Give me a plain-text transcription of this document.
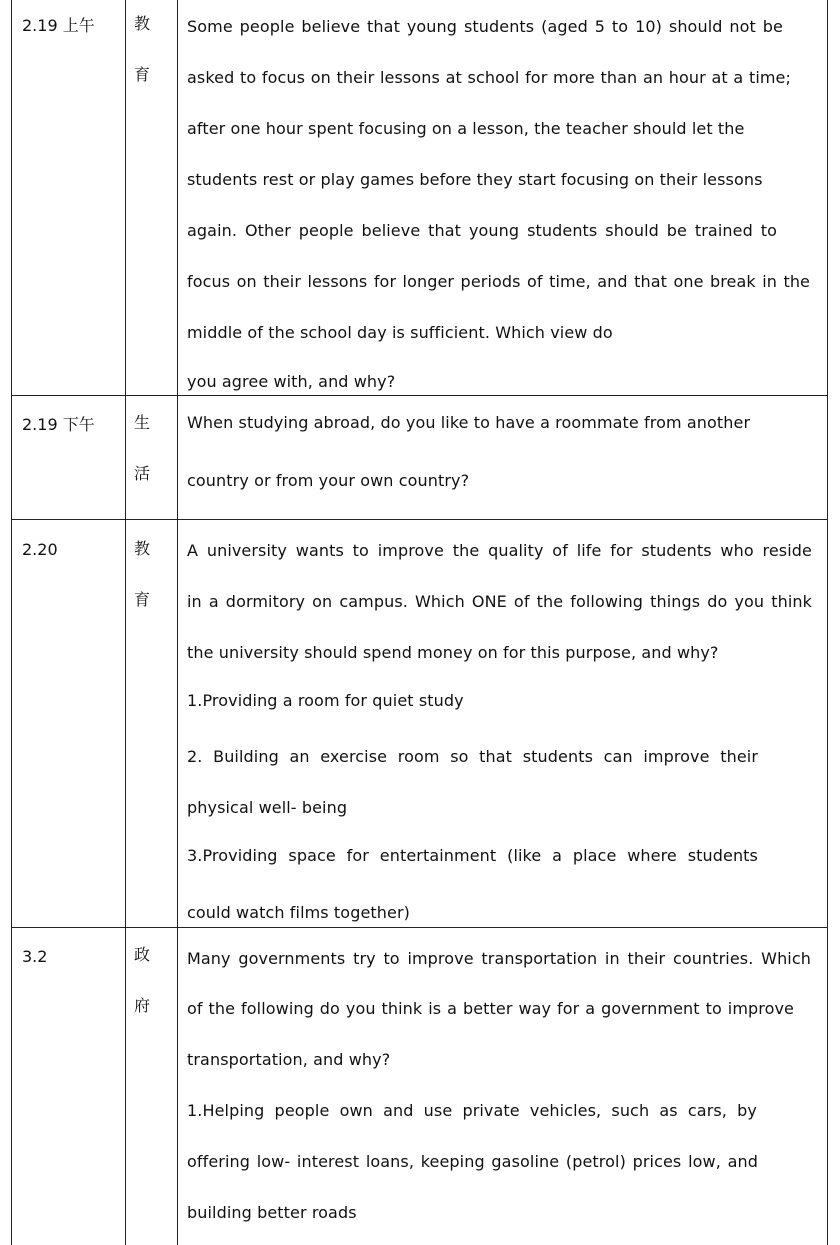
2.19 上午 教
育
Some people believe that young students (aged 5 to 10) should not be
asked to focus on their lessons at school for more than an hour at a time;
after one hour spent focusing on a lesson, the teacher should let the
students rest or play games before they start focusing on their lessons
again. Other people believe that young students should be trained to
focus on their lessons for longer periods of time, and that one break in the
middle of the school day is sufficient. Which view do
you agree with, and why?
2.19 下午 生
活
When studying abroad, do you like to have a roommate from another
country or from your own country?
2.20	教
育
A university wants to improve the quality of life for students who reside
in a dormitory on campus. Which ONE of the following things do you think
the university should spend money on for this purpose, and why?
1.Providing a room for quiet study
2. Building an exercise room so that students can improve their
physical well- being
3.Providing space for entertainment (like a place where students
could watch films together)
3.2	政
府
Many governments try to improve transportation in their countries. Which
of the following do you think is a better way for a government to improve
transportation, and why?
1.Helping people own and use private vehicles, such as cars, by
offering low- interest loans, keeping gasoline (petrol) prices low, and
building better roads
